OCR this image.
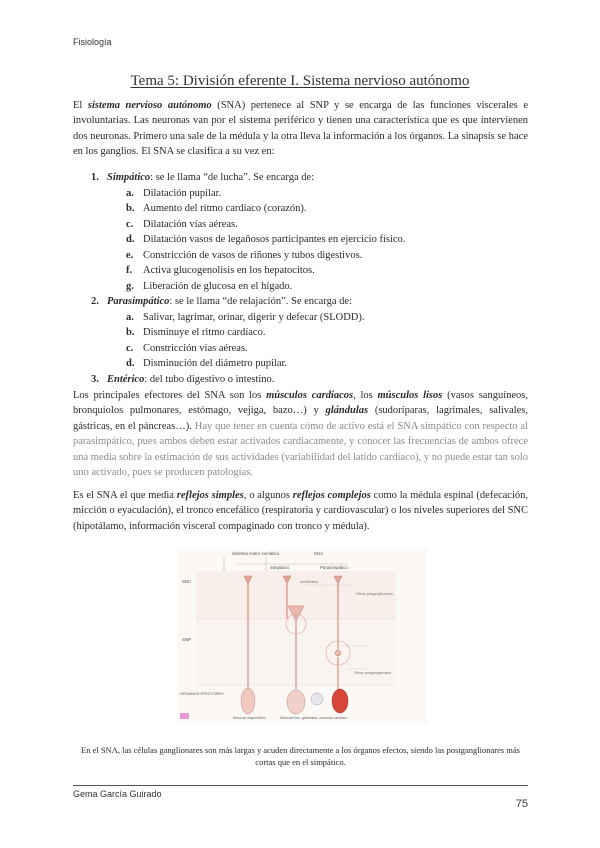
Fisiología
Tema 5: División eferente I. Sistema nervioso autónomo

El sistema nervioso autónomo (SNA) pertenece al SNP y se encarga de las funciones viscerales e involuntarias. Las neuronas van por el sistema periférico y tienen una característica que es que intervienen dos neuronas. Primero una sale de la médula y la otra lleva la información a los órganos. La sinapsis se hace en los ganglios. El SNA se clasifica a su vez en:

1. Simpático: se le llama “de lucha”. Se encarga de:
a. Dilatación pupilar.
b. Aumento del ritmo cardíaco (corazón).
c. Dilatación vías aéreas.
d. Dilatación vasos de legañosos participantes en ejercicio físico.
e. Constricción de vasos de riñones y tubos digestivos.
f. Activa glucogenolisis en los hepatocitos.
g. Liberación de glucosa en el hígado.
2. Parasimpático: se le llama “de relajación”. Se encarga de:
a. Salivar, lagrimar, orinar, digerir y defecar (SLODD).
b. Disminuye el ritmo cardíaco.
c. Constricción vías aéreas.
d. Disminución del diámetro pupilar.
3. Entérico: del tubo digestivo o intestino.

Los principales efectores del SNA son los músculos cardíacos, los músculos lisos (vasos sanguíneos, bronquiolos pulmonares, estómago, vejiga, bazo…) y glándulas (sudoríparas, lagrimales, salivales, gástricas, en el páncreas…). Hay que tener en cuenta cómo de activo está el SNA simpático con respecto al parasimpático, pues ambos deben estar activados cardiacamente, y conocer las frecuencias de ambos ofrece una media sobre la estimación de sus actividades (variabilidad del latido cardíaco), y no puede estar tan solo uno activado, pues se producen patologías.

Es el SNA el que media reflejos simples, o algunos reflejos complejos como la médula espinal (defecación, micción o eyaculación), el tronco encefálico (respiratoria y cardiovascular) o los niveles superiores del SNC (hipotálamo, información visceral compaginado con tronco y médula).

Sistema motor somático	SNA
Simpático	Parasimpático
SNC
SNP
ÓRGANOS EFECTORES
Acetilcolina
Fibras preganglionares
Fibras posganglionares
Músculo esquelético	Músculo liso, glándulas, músculo cardíaco

En el SNA, las células ganglionares son más largas y acuden directamente a los órganos efectos, siendo las postganglionares más cortas que en el simpático.

Gema García Guirado
75
